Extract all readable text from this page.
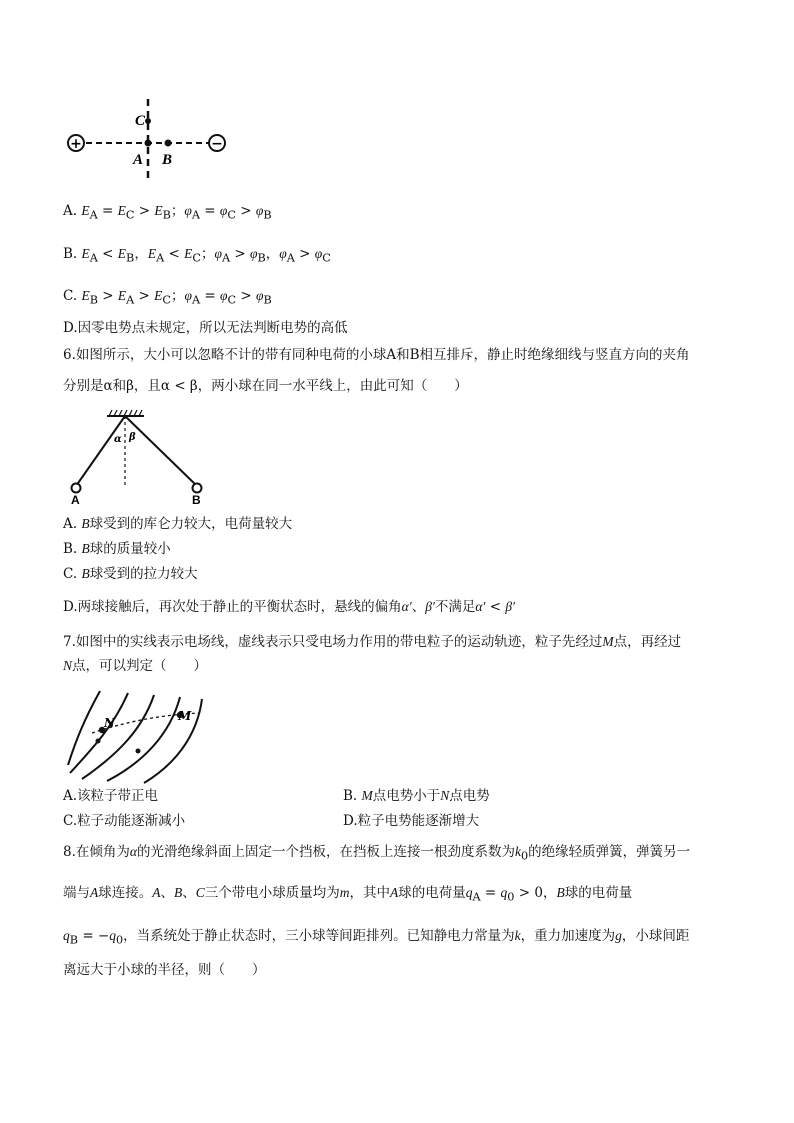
+	−
C
A B
A. $E_A = E_C > E_B$；$\varphi_A = \varphi_C > \varphi_B$
B. $E_A < E_B$，$E_A < E_C$；$\varphi_A > \varphi_B$，$\varphi_A > \varphi_C$
C. $E_B > E_A > E_C$；$\varphi_A = \varphi_C > \varphi_B$
D.因零电势点未规定，所以无法判断电势的高低
6.如图所示，大小可以忽略不计的带有同种电荷的小球A和B相互排斥，静止时绝缘细线与竖直方向的夹角
分别是α和β，且α < β，两小球在同一水平线上，由此可知（　　）
α β
A	B
A. B球受到的库仑力较大，电荷量较大
B. B球的质量较小
C. B球受到的拉力较大
D.两球接触后，再次处于静止的平衡状态时，悬线的偏角α′、β′不满足α′ < β′
7.如图中的实线表示电场线，虚线表示只受电场力作用的带电粒子的运动轨迹，粒子先经过M点，再经过
N点，可以判定（　　）
N	M
A.该粒子带正电	B. M点电势小于N点电势
C.粒子动能逐渐减小	D.粒子电势能逐渐增大
8.在倾角为α的光滑绝缘斜面上固定一个挡板，在挡板上连接一根劲度系数为$k_0$的绝缘轻质弹簧，弹簧另一
端与A球连接。A、B、C三个带电小球质量均为m，其中A球的电荷量$q_A = q_0 > 0$，B球的电荷量
$q_B = -q_0$，当系统处于静止状态时，三小球等间距排列。已知静电力常量为k，重力加速度为g，小球间距
离远大于小球的半径，则（　　）
